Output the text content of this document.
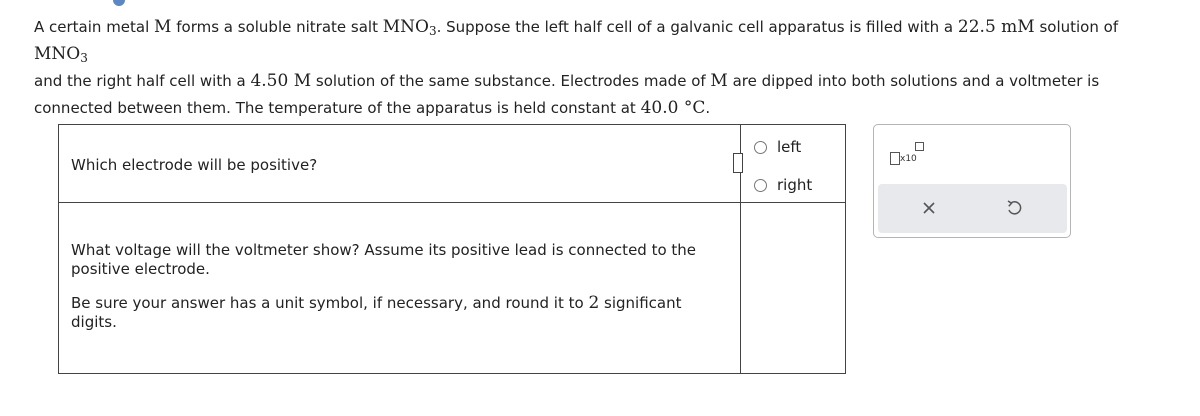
A certain metal M forms a soluble nitrate salt $MNO_3$. Suppose the left half cell of a galvanic cell apparatus is filled with a 22.5 mM solution of $MNO_3$
and the right half cell with a 4.50 M solution of the same substance. Electrodes made of M are dipped into both solutions and a voltmeter is connected between them. The temperature of the apparatus is held constant at 40.0 °C.
Which electrode will be positive?
left
right

What voltage will the voltmeter show? Assume its positive lead is connected to the positive electrode.

Be sure your answer has a unit symbol, if necessary, and round it to 2 significant digits.

x10
